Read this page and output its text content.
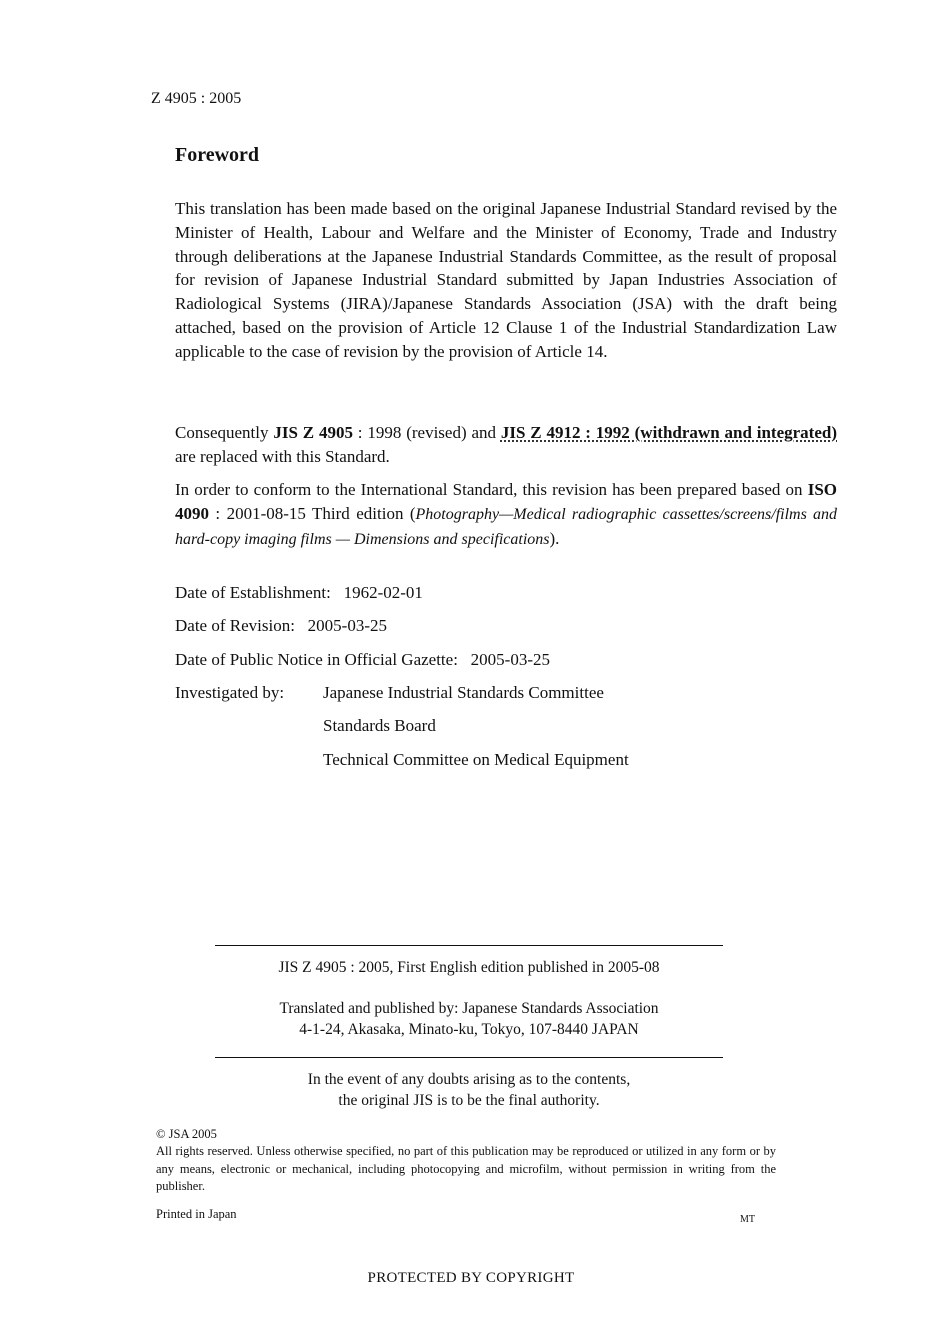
Z 4905 : 2005
Foreword
This translation has been made based on the original Japanese Industrial Standard revised by the Minister of Health, Labour and Welfare and the Minister of Economy, Trade and Industry through deliberations at the Japanese Industrial Standards Committee, as the result of proposal for revision of Japanese Industrial Standard submitted by Japan Industries Association of Radiological Systems (JIRA)/Japanese Standards Association (JSA) with the draft being attached, based on the provision of Article 12 Clause 1 of the Industrial Standardization Law applicable to the case of revision by the provision of Article 14.
Consequently JIS Z 4905 : 1998 (revised) and JIS Z 4912 : 1992 (withdrawn and integrated) are replaced with this Standard.
In order to conform to the International Standard, this revision has been prepared based on ISO 4090 : 2001-08-15 Third edition (Photography—Medical radiographic cassettes/screens/films and hard-copy imaging films — Dimensions and specifications).
Date of Establishment: 1962-02-01
Date of Revision: 2005-03-25
Date of Public Notice in Official Gazette: 2005-03-25
Investigated by: Japanese Industrial Standards Committee
Standards Board
Technical Committee on Medical Equipment
JIS Z 4905 : 2005, First English edition published in 2005-08
Translated and published by: Japanese Standards Association
4-1-24, Akasaka, Minato-ku, Tokyo, 107-8440 JAPAN
In the event of any doubts arising as to the contents,
the original JIS is to be the final authority.
© JSA 2005
All rights reserved. Unless otherwise specified, no part of this publication may be reproduced or utilized in any form or by any means, electronic or mechanical, including photocopying and microfilm, without permission in writing from the publisher.
Printed in Japan	MT
PROTECTED BY COPYRIGHT
